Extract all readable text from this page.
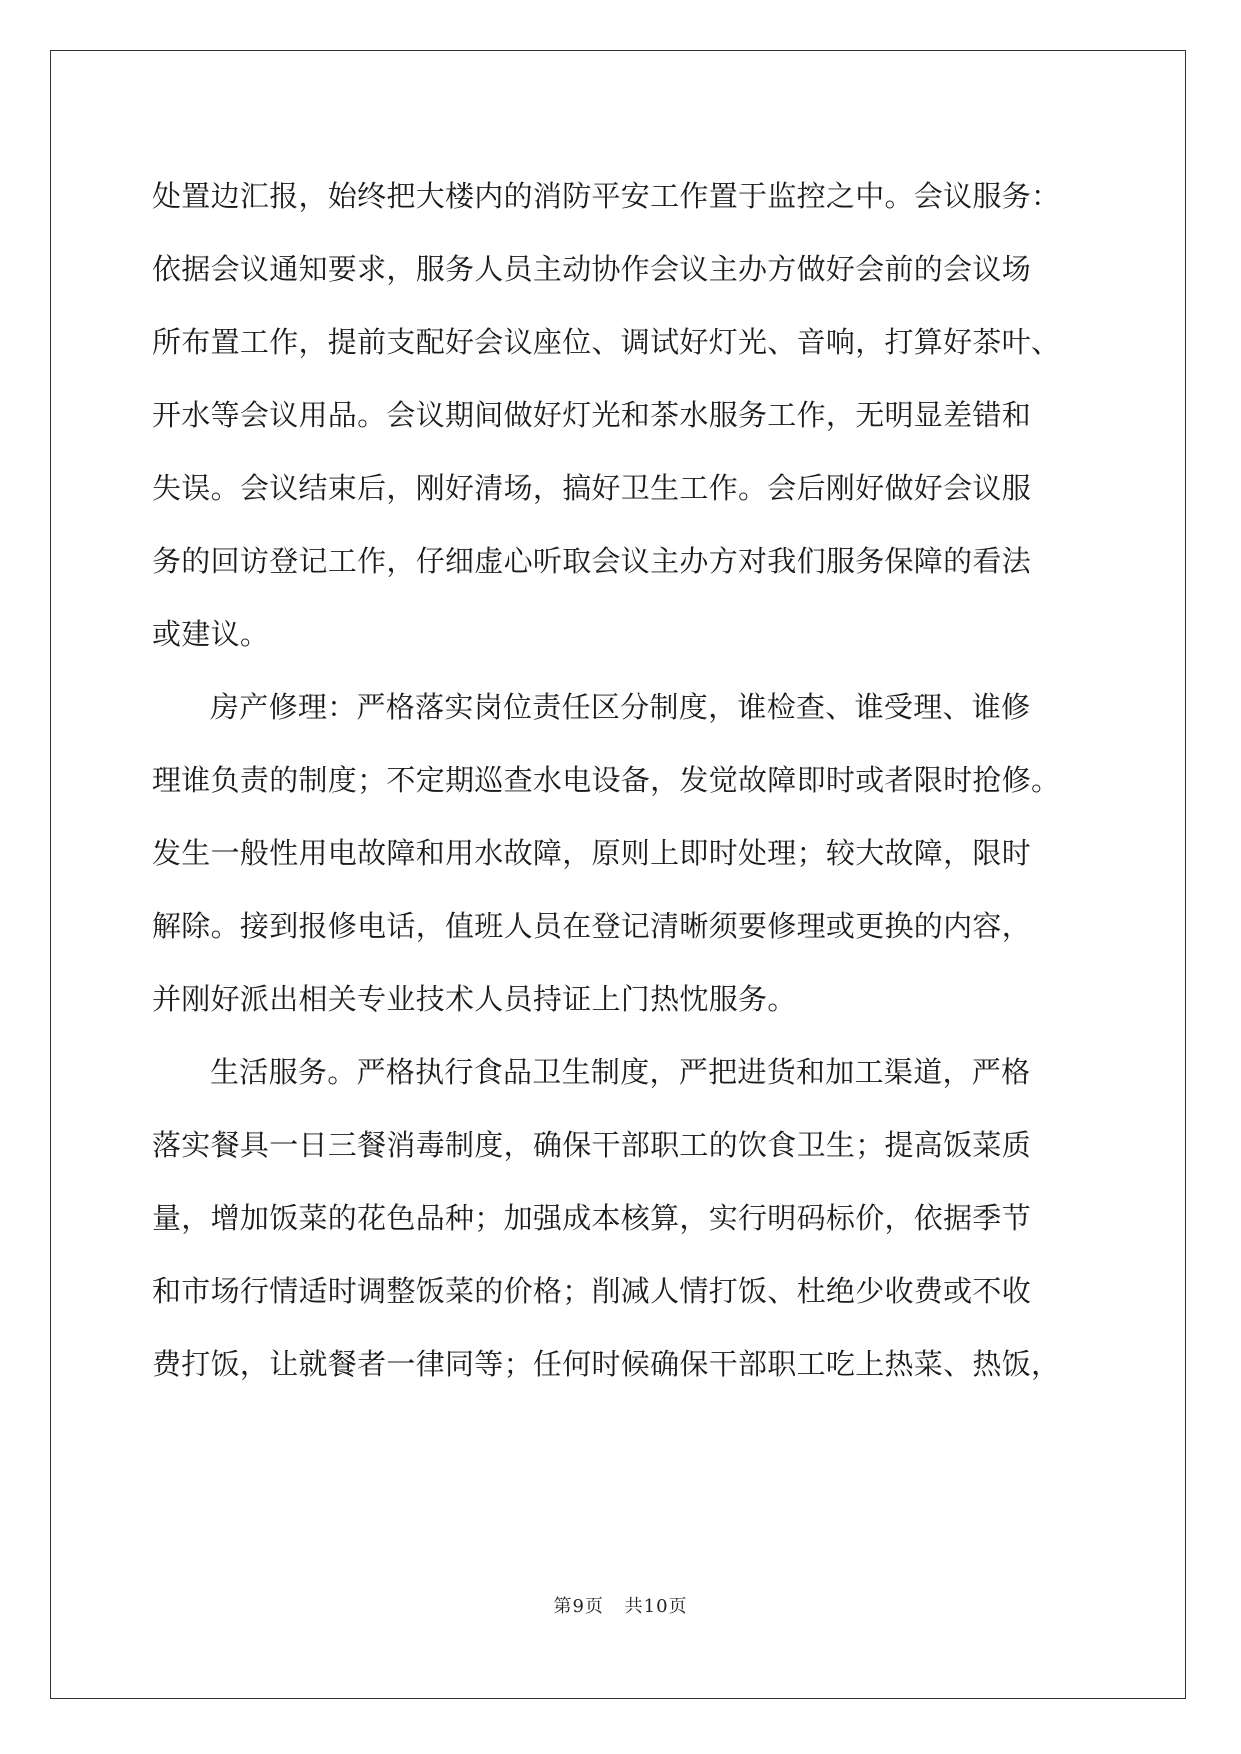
处置边汇报，始终把大楼内的消防平安工作置于监控之中。会议服务：
依据会议通知要求，服务人员主动协作会议主办方做好会前的会议场
所布置工作，提前支配好会议座位、调试好灯光、音响，打算好茶叶、
开水等会议用品。会议期间做好灯光和茶水服务工作，无明显差错和
失误。会议结束后，刚好清场，搞好卫生工作。会后刚好做好会议服
务的回访登记工作，仔细虚心听取会议主办方对我们服务保障的看法
或建议。

房产修理：严格落实岗位责任区分制度，谁检查、谁受理、谁修
理谁负责的制度；不定期巡查水电设备，发觉故障即时或者限时抢修。
发生一般性用电故障和用水故障，原则上即时处理；较大故障，限时
解除。接到报修电话，值班人员在登记清晰须要修理或更换的内容，
并刚好派出相关专业技术人员持证上门热忱服务。

生活服务。严格执行食品卫生制度，严把进货和加工渠道，严格
落实餐具一日三餐消毒制度，确保干部职工的饮食卫生；提高饭菜质
量，增加饭菜的花色品种；加强成本核算，实行明码标价，依据季节
和市场行情适时调整饭菜的价格；削减人情打饭、杜绝少收费或不收
费打饭，让就餐者一律同等；任何时候确保干部职工吃上热菜、热饭，

第9页 共10页
